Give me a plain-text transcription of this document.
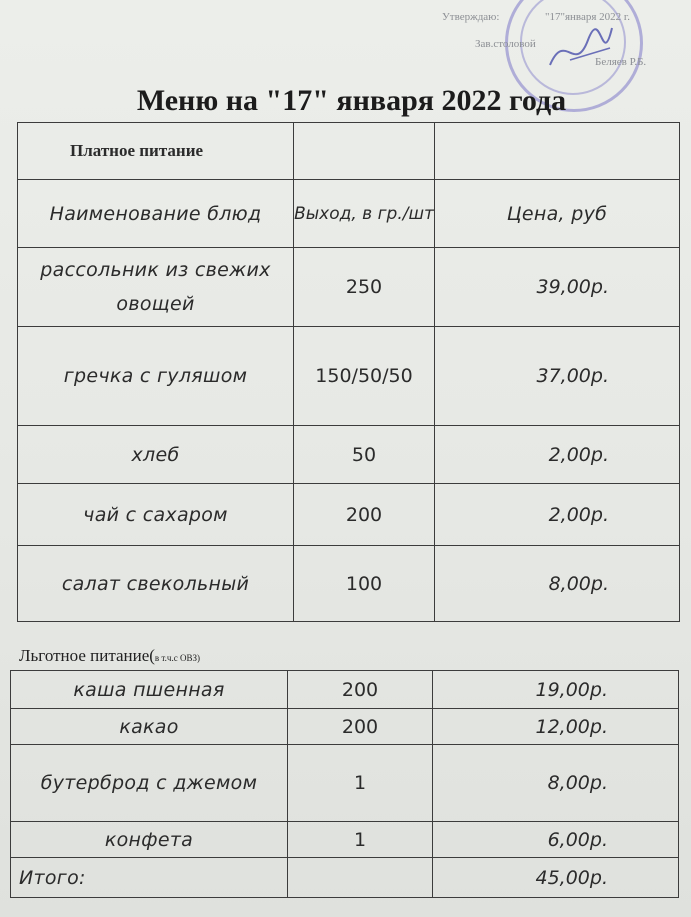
Утверждаю:	"17"января 2022 г.
Зав.столовой
Беляев Р.Б.
Меню на "17" января 2022 года
Платное питание		
Наименование блюд	Выход, в гр./шт	Цена, руб
рассольник из свежих овощей	250	39,00р.
гречка с гуляшом	150/50/50	37,00р.
хлеб	50	2,00р.
чай с сахаром	200	2,00р.
салат свекольный	100	8,00р.
Льготное питание(в т.ч.с ОВЗ)
каша пшенная	200	19,00р.
какао	200	12,00р.
бутерброд с джемом	1	8,00р.
конфета	1	6,00р.
Итого:		45,00р.
